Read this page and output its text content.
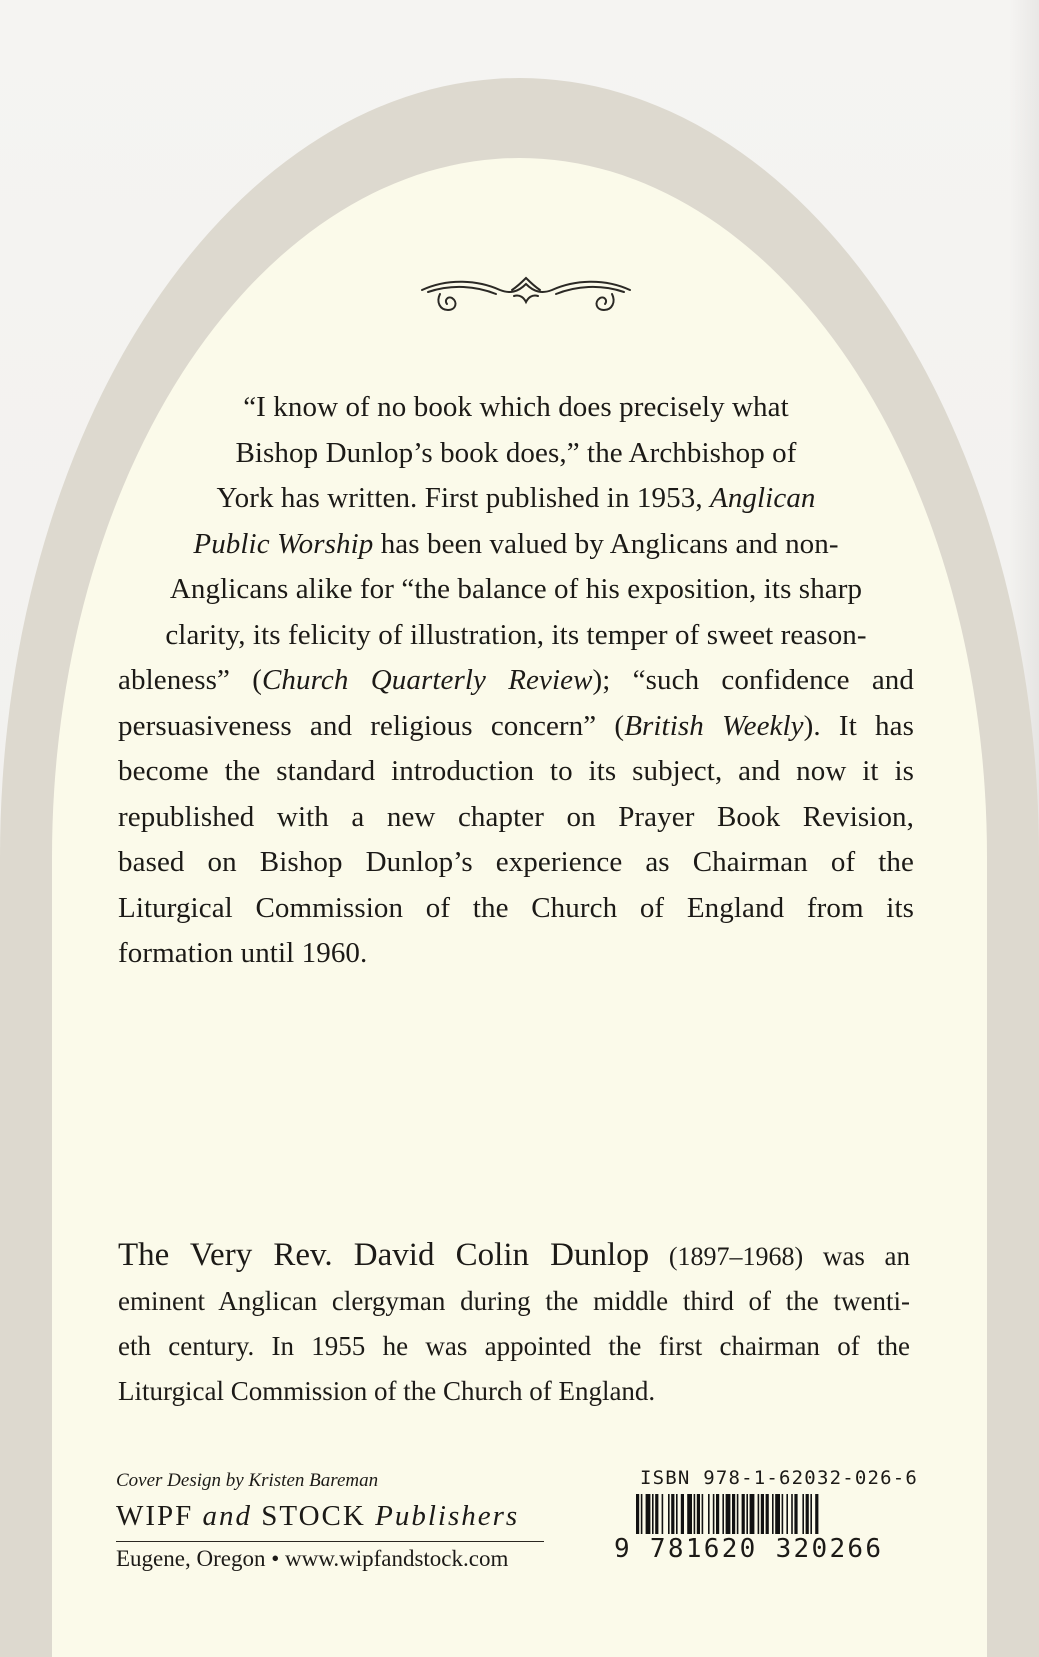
“I know of no book which does precisely what
Bishop Dunlop’s book does,” the Archbishop of
York has written. First published in 1953, Anglican
Public Worship has been valued by Anglicans and non-
Anglicans alike for “the balance of his exposition, its sharp
clarity, its felicity of illustration, its temper of sweet reason-
ableness” (Church Quarterly Review); “such confidence and
persuasiveness and religious concern” (British Weekly). It has
become the standard introduction to its subject, and now it is
republished with a new chapter on Prayer Book Revision,
based on Bishop Dunlop’s experience as Chairman of the
Liturgical Commission of the Church of England from its
formation until 1960.

The Very Rev. David Colin Dunlop (1897–1968) was an
eminent Anglican clergyman during the middle third of the twenti-
eth century. In 1955 he was appointed the first chairman of the
Liturgical Commission of the Church of England.

Cover Design by Kristen Bareman

WIPF and STOCK Publishers

Eugene, Oregon • www.wipfandstock.com

ISBN 978-1-62032-026-6

9 781620 320266
